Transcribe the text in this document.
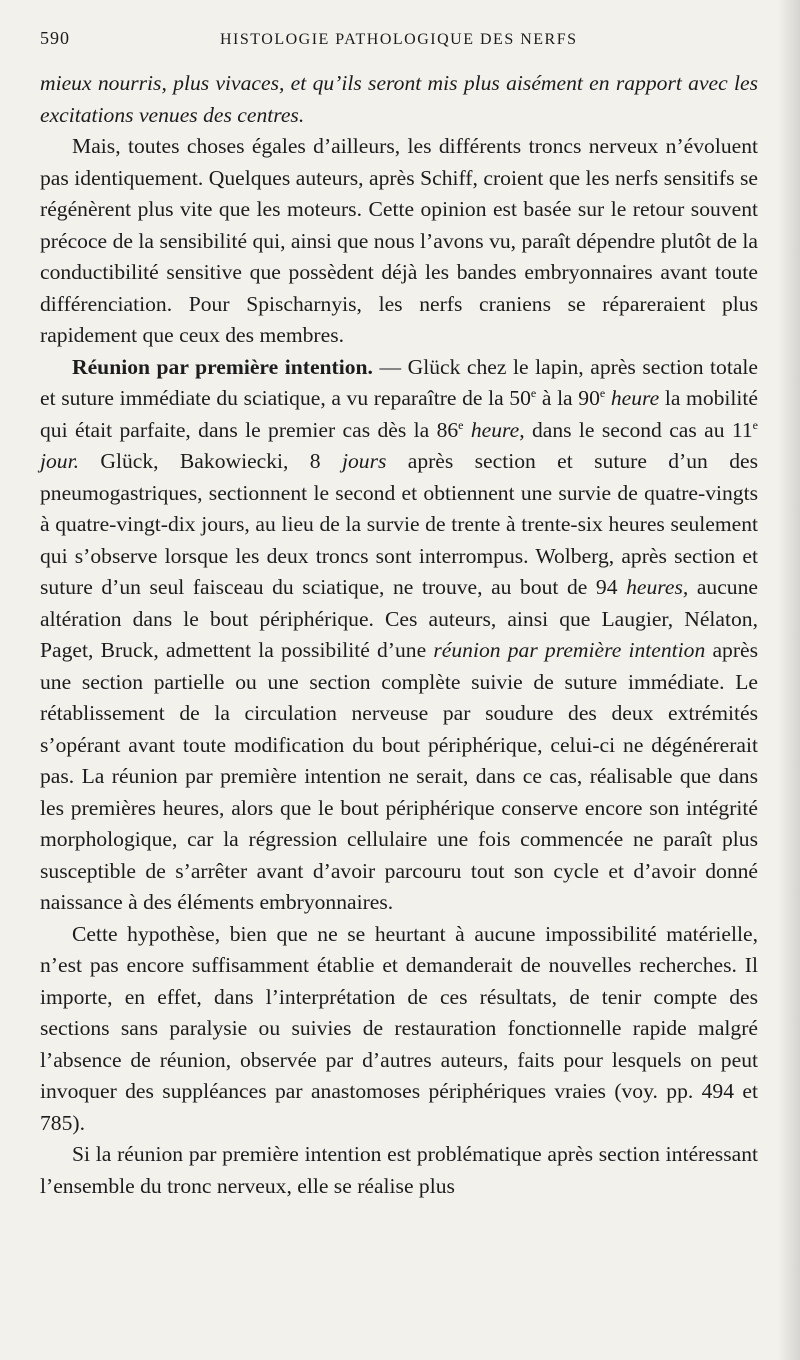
590	HISTOLOGIE PATHOLOGIQUE DES NERFS

mieux nourris, plus vivaces, et qu’ils seront mis plus aisément en rapport avec les excitations venues des centres.

Mais, toutes choses égales d’ailleurs, les différents troncs nerveux n’évoluent pas identiquement. Quelques auteurs, après Schiff, croient que les nerfs sensitifs se régénèrent plus vite que les moteurs. Cette opinion est basée sur le retour souvent précoce de la sensibilité qui, ainsi que nous l’avons vu, paraît dépendre plutôt de la conductibilité sensitive que possèdent déjà les bandes embryonnaires avant toute différenciation. Pour Spischarnyis, les nerfs craniens se répareraient plus rapidement que ceux des membres.

Réunion par première intention. — Glück chez le lapin, après section totale et suture immédiate du sciatique, a vu reparaître de la 50e à la 90e heure la mobilité qui était parfaite, dans le premier cas dès la 86e heure, dans le second cas au 11e jour. Glück, Bakowiecki, 8 jours après section et suture d’un des pneumogastriques, sectionnent le second et obtiennent une survie de quatre-vingts à quatre-vingt-dix jours, au lieu de la survie de trente à trente-six heures seulement qui s’observe lorsque les deux troncs sont interrompus. Wolberg, après section et suture d’un seul faisceau du sciatique, ne trouve, au bout de 94 heures, aucune altération dans le bout périphérique. Ces auteurs, ainsi que Laugier, Nélaton, Paget, Bruck, admettent la possibilité d’une réunion par première intention après une section partielle ou une section complète suivie de suture immédiate. Le rétablissement de la circulation nerveuse par soudure des deux extrémités s’opérant avant toute modification du bout périphérique, celui-ci ne dégénérerait pas. La réunion par première intention ne serait, dans ce cas, réalisable que dans les premières heures, alors que le bout périphérique conserve encore son intégrité morphologique, car la régression cellulaire une fois commencée ne paraît plus susceptible de s’arrêter avant d’avoir parcouru tout son cycle et d’avoir donné naissance à des éléments embryonnaires.

Cette hypothèse, bien que ne se heurtant à aucune impossibilité matérielle, n’est pas encore suffisamment établie et demanderait de nouvelles recherches. Il importe, en effet, dans l’interprétation de ces résultats, de tenir compte des sections sans paralysie ou suivies de restauration fonctionnelle rapide malgré l’absence de réunion, observée par d’autres auteurs, faits pour lesquels on peut invoquer des suppléances par anastomoses périphériques vraies (voy. pp. 494 et 785).

Si la réunion par première intention est problématique après section intéressant l’ensemble du tronc nerveux, elle se réalise plus
